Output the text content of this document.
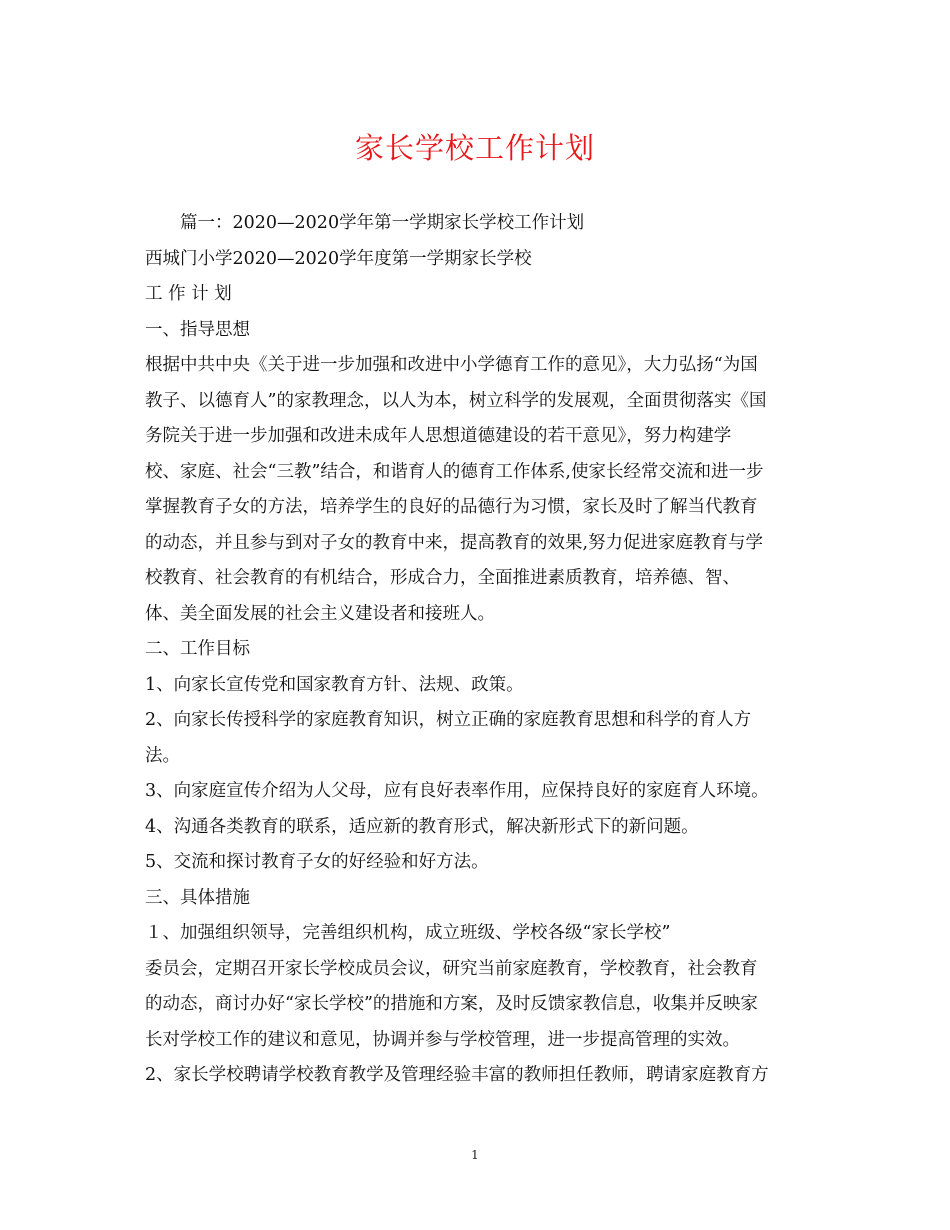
家长学校工作计划
　　篇一：2020—2020学年第一学期家长学校工作计划
西城门小学2020—2020学年度第一学期家长学校
工 作 计 划
一、指导思想
根据中共中央《关于进一步加强和改进中小学德育工作的意见》，大力弘扬“为国
教子、以德育人”的家教理念，以人为本，树立科学的发展观，全面贯彻落实《国
务院关于进一步加强和改进未成年人思想道德建设的若干意见》，努力构建学
校、家庭、社会“三教”结合，和谐育人的德育工作体系,使家长经常交流和进一步
掌握教育子女的方法，培养学生的良好的品德行为习惯，家长及时了解当代教育
的动态，并且参与到对子女的教育中来，提高教育的效果,努力促进家庭教育与学
校教育、社会教育的有机结合，形成合力，全面推进素质教育，培养德、智、
体、美全面发展的社会主义建设者和接班人。
二、工作目标
1、向家长宣传党和国家教育方针、法规、政策。
2、向家长传授科学的家庭教育知识，树立正确的家庭教育思想和科学的育人方
法。
3、向家庭宣传介绍为人父母，应有良好表率作用，应保持良好的家庭育人环境。
4、沟通各类教育的联系，适应新的教育形式，解决新形式下的新问题。
5、交流和探讨教育子女的好经验和好方法。
三、具体措施
１、加强组织领导，完善组织机构，成立班级、学校各级“家长学校”
委员会，定期召开家长学校成员会议，研究当前家庭教育，学校教育，社会教育
的动态，商讨办好“家长学校”的措施和方案，及时反馈家教信息，收集并反映家
长对学校工作的建议和意见，协调并参与学校管理，进一步提高管理的实效。
2、家长学校聘请学校教育教学及管理经验丰富的教师担任教师，聘请家庭教育方
1
